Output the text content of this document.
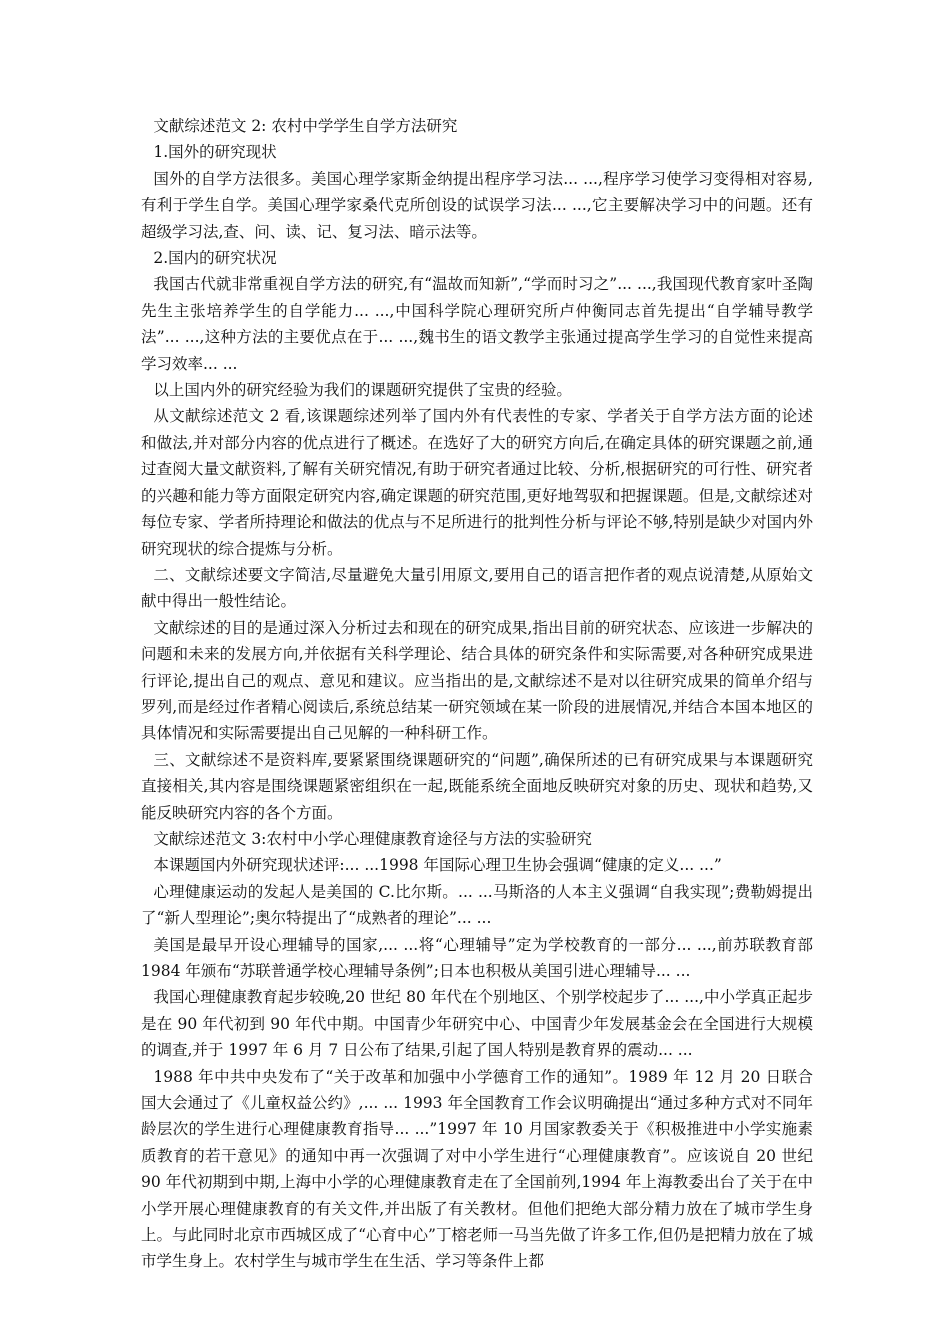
文献综述范文 2: 农村中学学生自学方法研究

1.国外的研究现状

国外的自学方法很多。美国心理学家斯金纳提出程序学习法... ...,程序学习使学习变得相对容易,有利于学生自学。美国心理学家桑代克所创设的试误学习法... ...,它主要解决学习中的问题。还有超级学习法,查、问、读、记、复习法、暗示法等。

2.国内的研究状况

我国古代就非常重视自学方法的研究,有“温故而知新”,“学而时习之”... ...,我国现代教育家叶圣陶先生主张培养学生的自学能力... ...,中国科学院心理研究所卢仲衡同志首先提出“自学辅导教学法”... ...,这种方法的主要优点在于... ...,魏书生的语文教学主张通过提高学生学习的自觉性来提高学习效率... ...

以上国内外的研究经验为我们的课题研究提供了宝贵的经验。

从文献综述范文 2 看,该课题综述列举了国内外有代表性的专家、学者关于自学方法方面的论述和做法,并对部分内容的优点进行了概述。在选好了大的研究方向后,在确定具体的研究课题之前,通过查阅大量文献资料,了解有关研究情况,有助于研究者通过比较、分析,根据研究的可行性、研究者的兴趣和能力等方面限定研究内容,确定课题的研究范围,更好地驾驭和把握课题。但是,文献综述对每位专家、学者所持理论和做法的优点与不足所进行的批判性分析与评论不够,特别是缺少对国内外研究现状的综合提炼与分析。

二、文献综述要文字简洁,尽量避免大量引用原文,要用自己的语言把作者的观点说清楚,从原始文献中得出一般性结论。

文献综述的目的是通过深入分析过去和现在的研究成果,指出目前的研究状态、应该进一步解决的问题和未来的发展方向,并依据有关科学理论、结合具体的研究条件和实际需要,对各种研究成果进行评论,提出自己的观点、意见和建议。应当指出的是,文献综述不是对以往研究成果的简单介绍与罗列,而是经过作者精心阅读后,系统总结某一研究领域在某一阶段的进展情况,并结合本国本地区的具体情况和实际需要提出自己见解的一种科研工作。

三、文献综述不是资料库,要紧紧围绕课题研究的“问题”,确保所述的已有研究成果与本课题研究直接相关,其内容是围绕课题紧密组织在一起,既能系统全面地反映研究对象的历史、现状和趋势,又能反映研究内容的各个方面。

文献综述范文 3:农村中小学心理健康教育途径与方法的实验研究

本课题国内外研究现状述评:... ...1998 年国际心理卫生协会强调“健康的定义... ...”

心理健康运动的发起人是美国的 C.比尔斯。... ...马斯洛的人本主义强调“自我实现”;费勒姆提出了“新人型理论”;奥尔特提出了“成熟者的理论”... ...

美国是最早开设心理辅导的国家,... ...将“心理辅导”定为学校教育的一部分... ...,前苏联教育部 1984 年颁布“苏联普通学校心理辅导条例”;日本也积极从美国引进心理辅导... ...

我国心理健康教育起步较晚,20 世纪 80 年代在个别地区、个别学校起步了... ...,中小学真正起步是在 90 年代初到 90 年代中期。中国青少年研究中心、中国青少年发展基金会在全国进行大规模的调查,并于 1997 年 6 月 7 日公布了结果,引起了国人特别是教育界的震动... ...

1988 年中共中央发布了“关于改革和加强中小学德育工作的通知”。1989 年 12 月 20 日联合国大会通过了《儿童权益公约》,... ... 1993 年全国教育工作会议明确提出“通过多种方式对不同年龄层次的学生进行心理健康教育指导... ...”1997 年 10 月国家教委关于《积极推进中小学实施素质教育的若干意见》的通知中再一次强调了对中小学生进行“心理健康教育”。应该说自 20 世纪 90 年代初期到中期,上海中小学的心理健康教育走在了全国前列,1994 年上海教委出台了关于在中小学开展心理健康教育的有关文件,并出版了有关教材。但他们把绝大部分精力放在了城市学生身上。与此同时北京市西城区成了“心育中心”丁榕老师一马当先做了许多工作,但仍是把精力放在了城市学生身上。农村学生与城市学生在生活、学习等条件上都
